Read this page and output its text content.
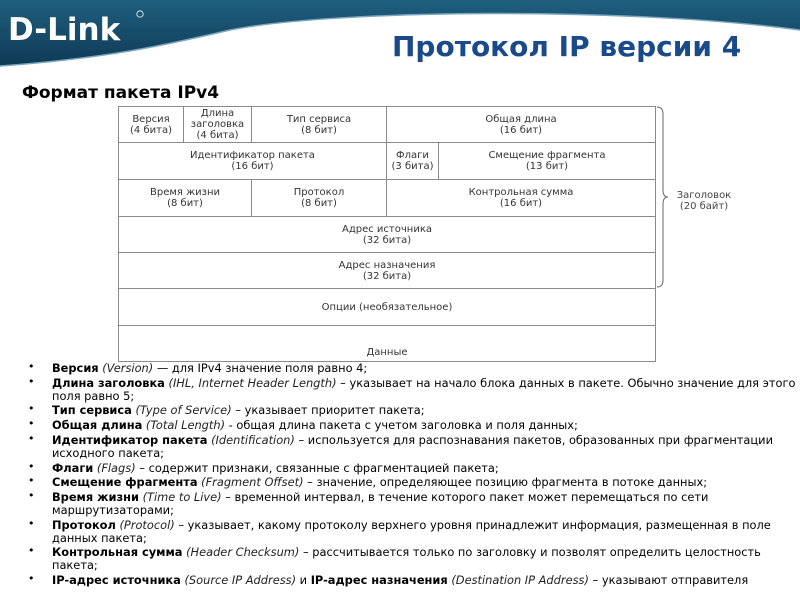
D-Link	Протокол IP версии 4
Формат пакета IPv4
Версия
(4 бита)
Длина
заголовка
(4 бита)
Тип сервиса
(8 бит)
Общая длина
(16 бит)
Идентификатор пакета
(16 бит)
Флаги
(3 бита)
Смещение фрагмента
(13 бит)
Время жизни
(8 бит)
Протокол
(8 бит)
Контрольная сумма
(16 бит)
Адрес источника
(32 бита)
Адрес назначения
(32 бита)
Опции (необязательное)
Данные
Заголовок
(20 байт)
• Версия (Version) — для IPv4 значение поля равно 4;
• Длина заголовка (IHL, Internet Header Length) – указывает на начало блока данных в пакете. Обычно значение для этого поля равно 5;
• Тип сервиса (Type of Service) – указывает приоритет пакета;
• Общая длина (Total Length) - общая длина пакета с учетом заголовка и поля данных;
• Идентификатор пакета (Identification) – используется для распознавания пакетов, образованных при фрагментации исходного пакета;
• Флаги (Flags) – содержит признаки, связанные с фрагментацией пакета;
• Смещение фрагмента (Fragment Offset) – значение, определяющее позицию фрагмента в потоке данных;
• Время жизни (Time to Live) – временной интервал, в течение которого пакет может перемещаться по сети маршрутизаторами;
• Протокол (Protocol) – указывает, какому протоколу верхнего уровня принадлежит информация, размещенная в поле данных пакета;
• Контрольная сумма (Header Checksum) – рассчитывается только по заголовку и позволят определить целостность пакета;
• IP-адрес источника (Source IP Address) и IP-адрес назначения (Destination IP Address) – указывают отправителя
